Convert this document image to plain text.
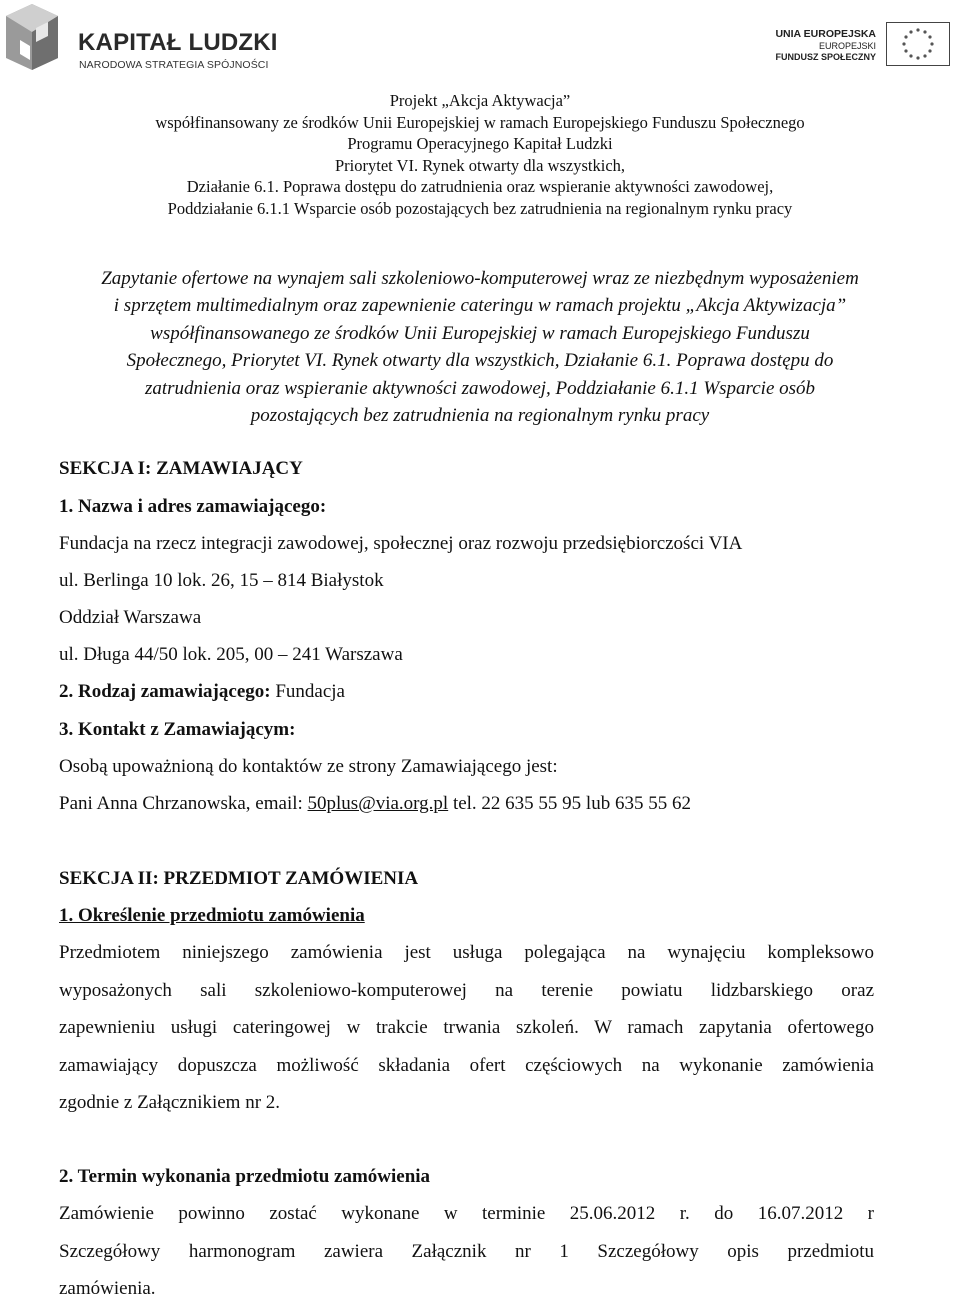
KAPITAŁ LUDZKI
NARODOWA STRATEGIA SPÓJNOŚCI
UNIA EUROPEJSKA
EUROPEJSKI
FUNDUSZ SPOŁECZNY
Projekt „Akcja Aktywacja”
współfinansowany ze środków Unii Europejskiej w ramach Europejskiego Funduszu Społecznego
Programu Operacyjnego Kapitał Ludzki
Priorytet VI. Rynek otwarty dla wszystkich,
Działanie 6.1. Poprawa dostępu do zatrudnienia oraz wspieranie aktywności zawodowej,
Poddziałanie 6.1.1 Wsparcie osób pozostających bez zatrudnienia na regionalnym rynku pracy
Zapytanie ofertowe na wynajem sali szkoleniowo-komputerowej wraz ze niezbędnym wyposażeniem
i sprzętem multimedialnym oraz zapewnienie cateringu w ramach projektu „Akcja Aktywizacja”
współfinansowanego ze środków Unii Europejskiej w ramach Europejskiego Funduszu
Społecznego, Priorytet VI. Rynek otwarty dla wszystkich, Działanie 6.1. Poprawa dostępu do
zatrudnienia oraz wspieranie aktywności zawodowej, Poddziałanie 6.1.1 Wsparcie osób
pozostających bez zatrudnienia na regionalnym rynku pracy
SEKCJA I: ZAMAWIAJĄCY
1. Nazwa i adres zamawiającego:
Fundacja na rzecz integracji zawodowej, społecznej oraz rozwoju przedsiębiorczości VIA
ul. Berlinga 10 lok. 26, 15 – 814 Białystok
Oddział Warszawa
ul. Długa 44/50 lok. 205, 00 – 241 Warszawa
2. Rodzaj zamawiającego: Fundacja
3. Kontakt z Zamawiającym:
Osobą upoważnioną do kontaktów ze strony Zamawiającego jest:
Pani Anna Chrzanowska, email: 50plus@via.org.pl tel. 22 635 55 95 lub 635 55 62
SEKCJA II: PRZEDMIOT ZAMÓWIENIA
1. Określenie przedmiotu zamówienia
Przedmiotem niniejszego zamówienia jest usługa polegająca na wynajęciu kompleksowo
wyposażonych sali szkoleniowo-komputerowej na terenie powiatu lidzbarskiego oraz
zapewnieniu usługi cateringowej w trakcie trwania szkoleń. W ramach zapytania ofertowego
zamawiający dopuszcza możliwość składania ofert częściowych na wykonanie zamówienia
zgodnie z Załącznikiem nr 2.
2. Termin wykonania przedmiotu zamówienia
Zamówienie powinno zostać wykonane w terminie 25.06.2012 r. do 16.07.2012 r
Szczegółowy harmonogram zawiera Załącznik nr 1 Szczegółowy opis przedmiotu
zamówienia.
